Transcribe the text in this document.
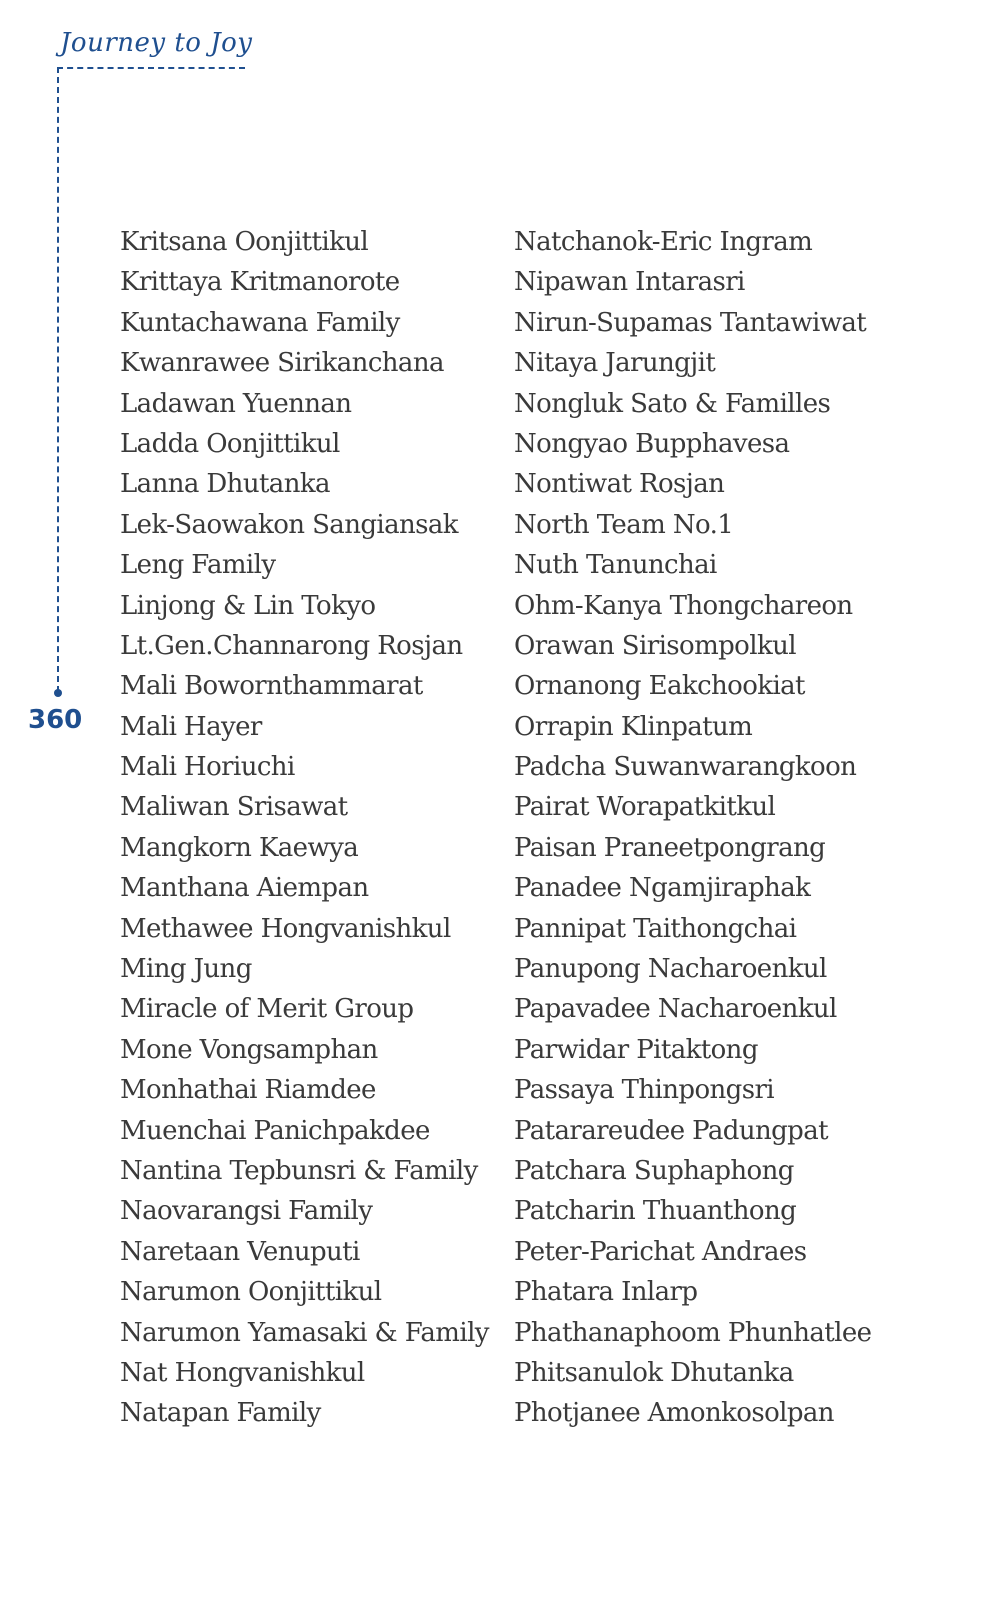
Journey to Joy
360
Kritsana Oonjittikul
Krittaya Kritmanorote
Kuntachawana Family
Kwanrawee Sirikanchana
Ladawan Yuennan
Ladda Oonjittikul
Lanna Dhutanka
Lek-Saowakon Sangiansak
Leng Family
Linjong & Lin Tokyo
Lt.Gen.Channarong Rosjan
Mali Bowornthammarat
Mali Hayer
Mali Horiuchi
Maliwan Srisawat
Mangkorn Kaewya
Manthana Aiempan
Methawee Hongvanishkul
Ming Jung
Miracle of Merit Group
Mone Vongsamphan
Monhathai Riamdee
Muenchai Panichpakdee
Nantina Tepbunsri & Family
Naovarangsi Family
Naretaan Venuputi
Narumon Oonjittikul
Narumon Yamasaki & Family
Nat Hongvanishkul
Natapan Family
Natchanok-Eric Ingram
Nipawan Intarasri
Nirun-Supamas Tantawiwat
Nitaya Jarungjit
Nongluk Sato & Familles
Nongyao Bupphavesa
Nontiwat Rosjan
North Team No.1
Nuth Tanunchai
Ohm-Kanya Thongchareon
Orawan Sirisompolkul
Ornanong Eakchookiat
Orrapin Klinpatum
Padcha Suwanwarangkoon
Pairat Worapatkitkul
Paisan Praneetpongrang
Panadee Ngamjiraphak
Pannipat Taithongchai
Panupong Nacharoenkul
Papavadee Nacharoenkul
Parwidar Pitaktong
Passaya Thinpongsri
Patarareudee Padungpat
Patchara Suphaphong
Patcharin Thuanthong
Peter-Parichat Andraes
Phatara Inlarp
Phathanaphoom Phunhatlee
Phitsanulok Dhutanka
Photjanee Amonkosolpan
